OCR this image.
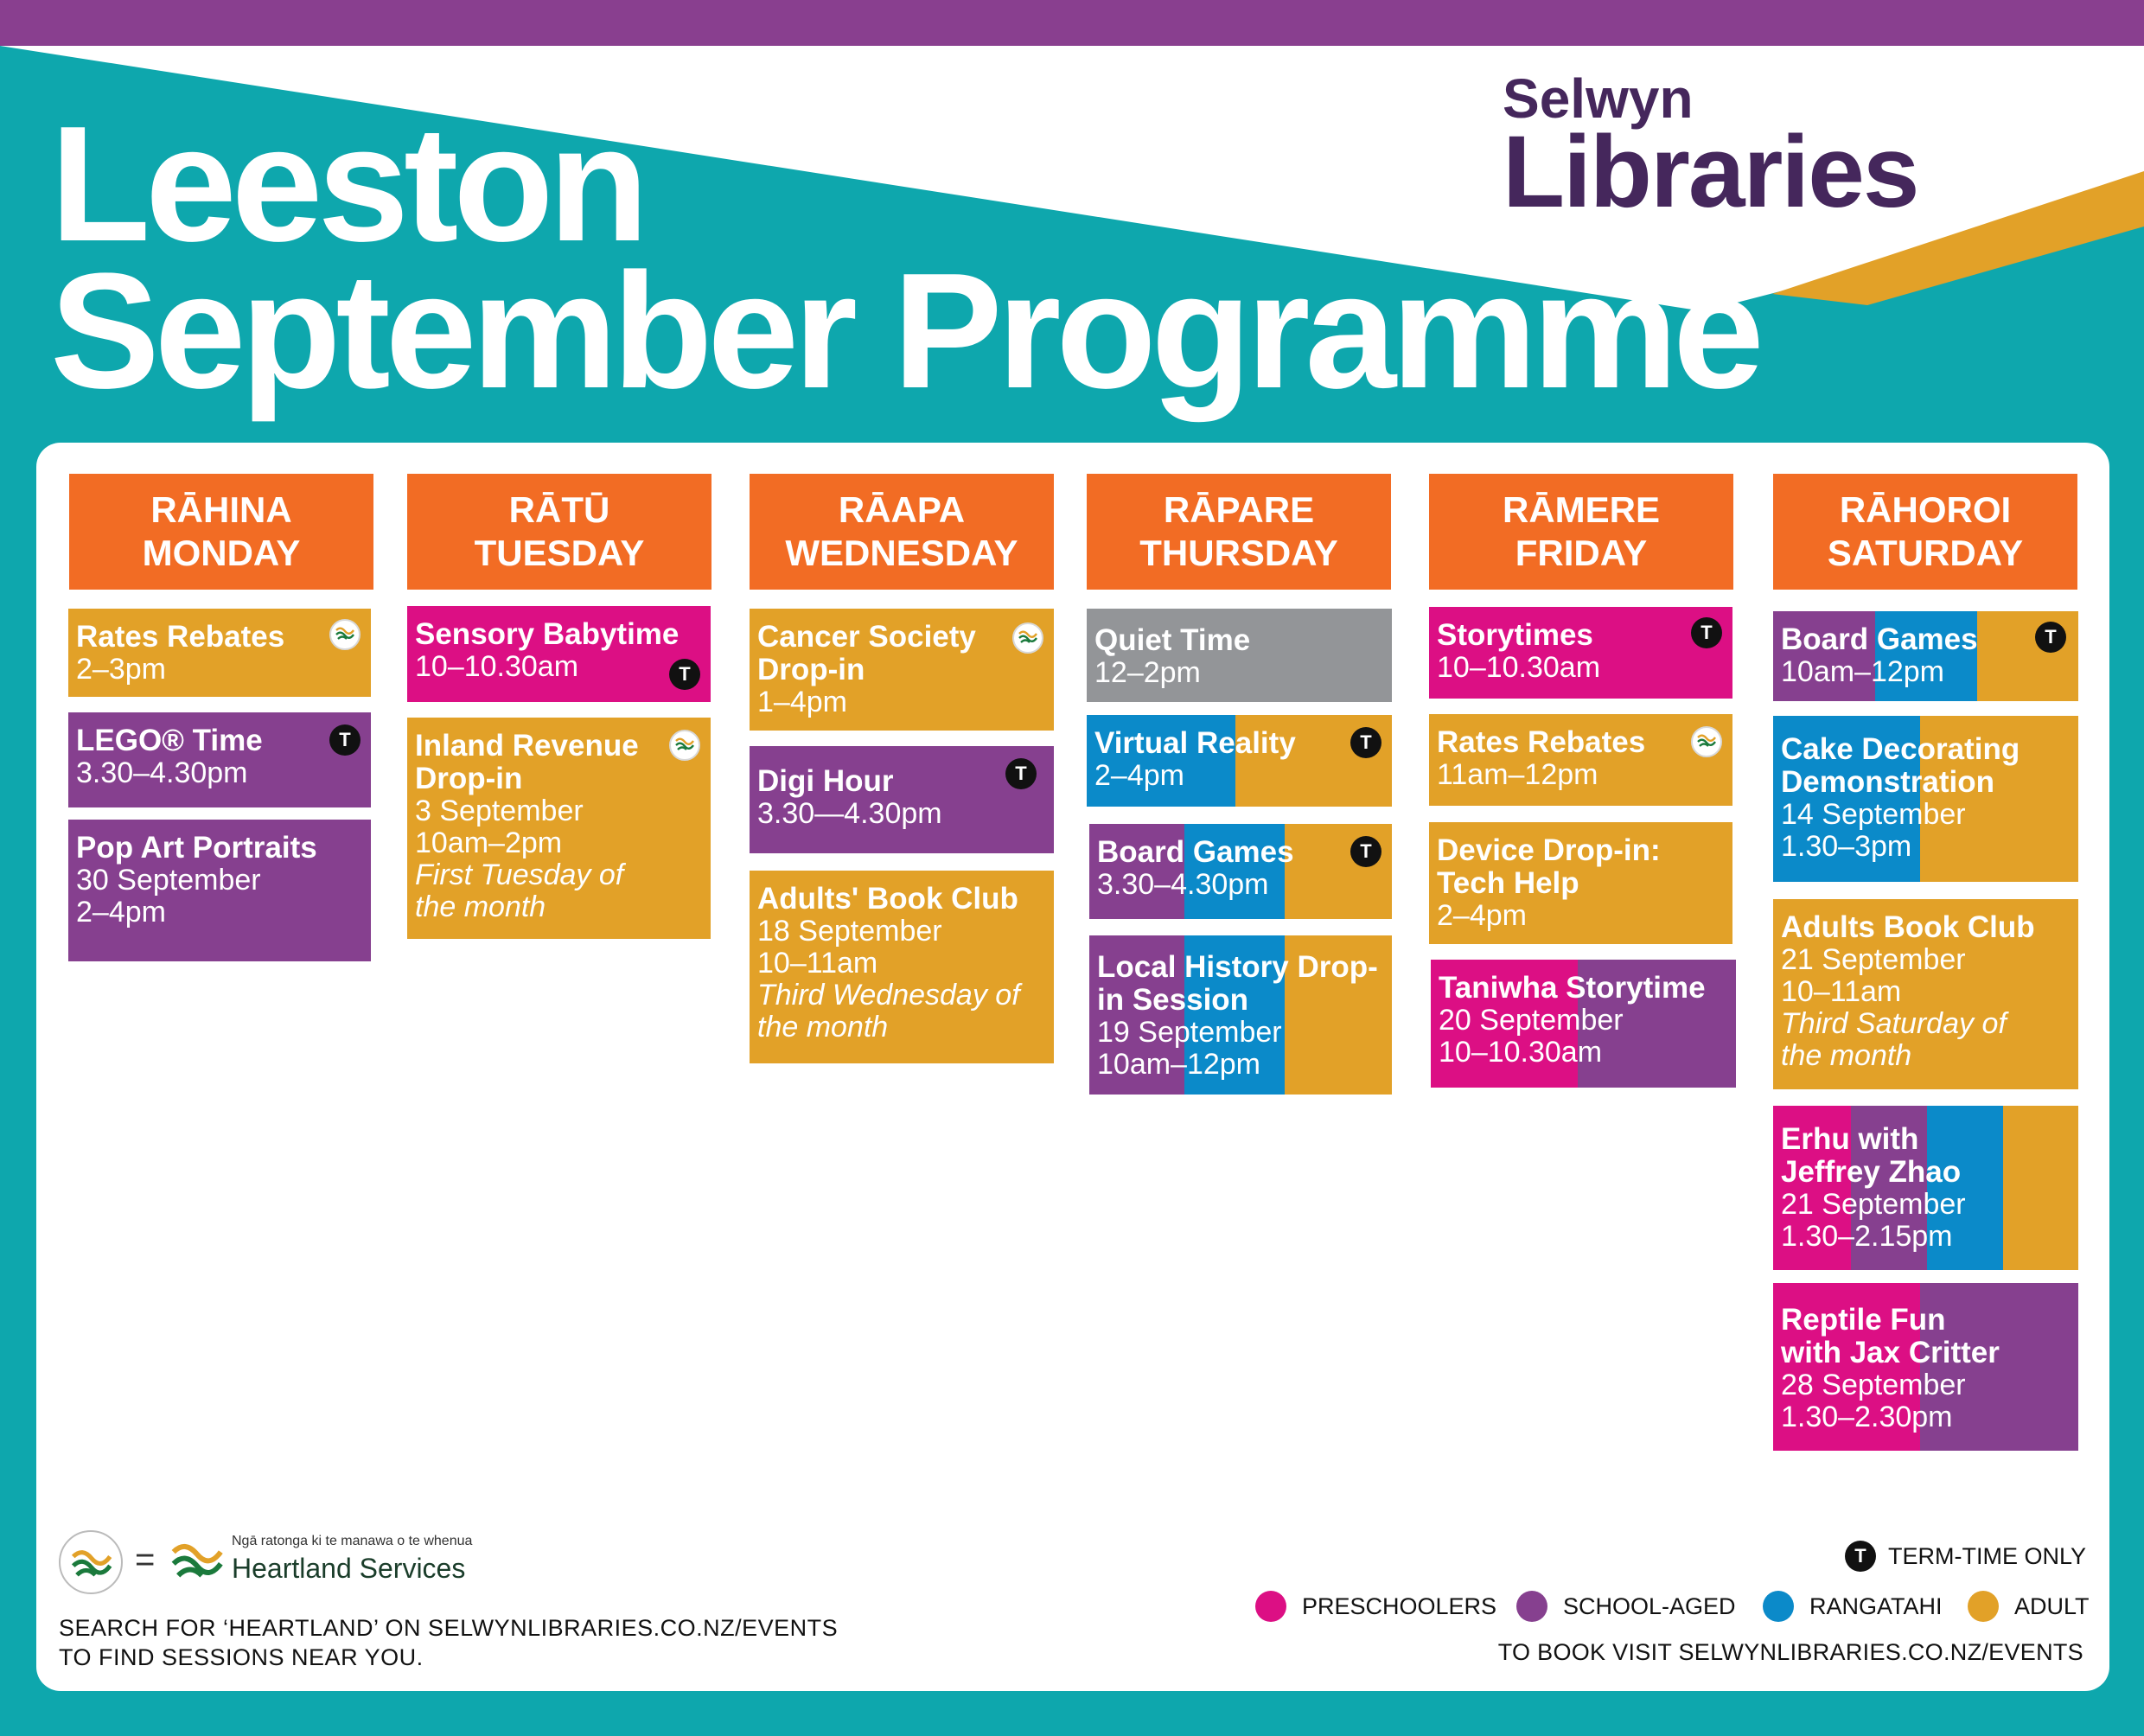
Leeston
September Programme
Selwyn
Libraries
RĀHINA
MONDAY
RĀTŪ
TUESDAY
RĀAPA
WEDNESDAY
RĀPARE
THURSDAY
RĀMERE
FRIDAY
RĀHOROI
SATURDAY
Rates Rebates
2–3pm
LEGO® Time
3.30–4.30pm
T
Pop Art Portraits
30 September
2–4pm
Sensory Babytime
10–10.30am	T
Inland Revenue Drop-in
3 September
10am–2pm
First Tuesday of
the month
Cancer Society Drop-in
1–4pm
Digi Hour
3.30—4.30pm
T
Adults' Book Club
18 September
10–11am
Third Wednesday of
the month
Quiet Time
12–2pm
Virtual Reality
2–4pm
T
Board Games
3.30–4.30pm
T
Local History Drop-in Session
19 September
10am–12pm
Storytimes
10–10.30am
T
Rates Rebates
11am–12pm
Device Drop-in: Tech Help
2–4pm
Taniwha Storytime
20 September
10–10.30am
Board Games
10am–12pm
T
Cake Decorating Demonstration
14 September
1.30–3pm
Adults Book Club
21 September
10–11am
Third Saturday of
the month
Erhu with Jeffrey Zhao
21 September
1.30–2.15pm
Reptile Fun with Jax Critter
28 September
1.30–2.30pm
=	Ngā ratonga ki te manawa o te whenua
Heartland Services
SEARCH FOR ‘HEARTLAND’ ON SELWYNLIBRARIES.CO.NZ/EVENTS
TO FIND SESSIONS NEAR YOU.
T TERM-TIME ONLY
PRESCHOOLERS	SCHOOL-AGED	RANGATAHI	ADULT
TO BOOK VISIT SELWYNLIBRARIES.CO.NZ/EVENTS
